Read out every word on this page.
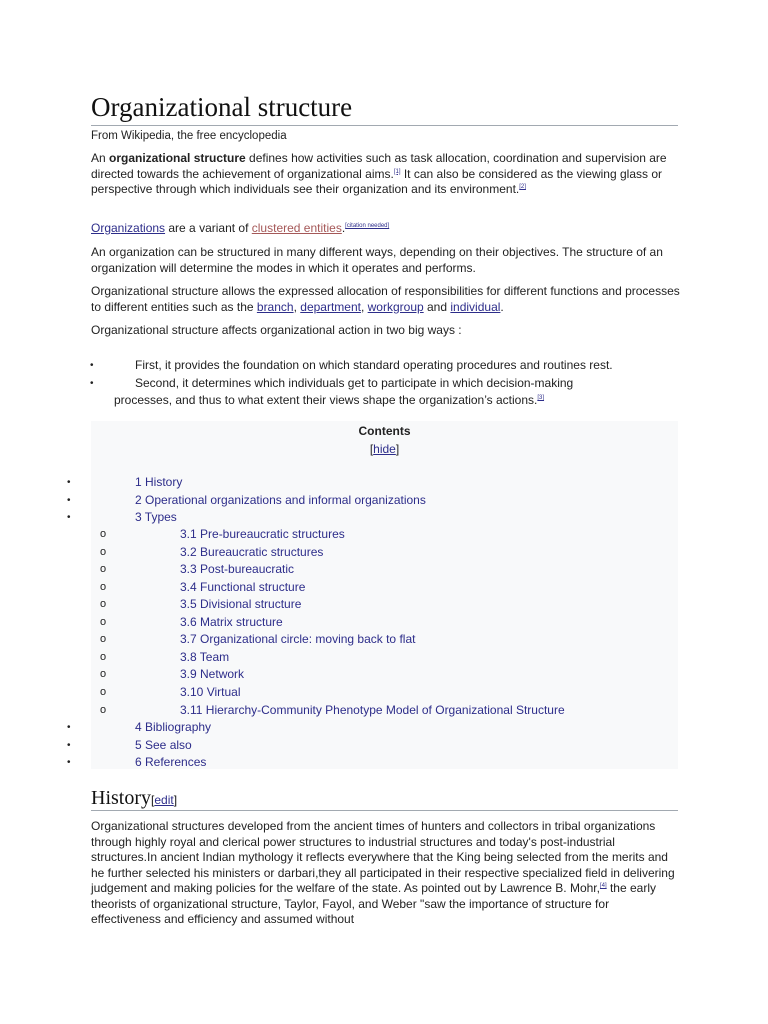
Organizational structure
From Wikipedia, the free encyclopedia

An organizational structure defines how activities such as task allocation, coordination and supervision are directed towards the achievement of organizational aims.[1] It can also be considered as the viewing glass or perspective through which individuals see their organization and its environment.[2]

Organizations are a variant of clustered entities.[citation needed]

An organization can be structured in many different ways, depending on their objectives. The structure of an organization will determine the modes in which it operates and performs.

Organizational structure allows the expressed allocation of responsibilities for different functions and processes to different entities such as the branch, department, workgroup and individual.

Organizational structure affects organizational action in two big ways :

•	First, it provides the foundation on which standard operating procedures and routines rest.
•	Second, it determines which individuals get to participate in which decision-making
processes, and thus to what extent their views shape the organization’s actions.[3]
Contents
[hide]
•	1 History
•	2 Operational organizations and informal organizations
•	3 Types
o	3.1 Pre-bureaucratic structures
o	3.2 Bureaucratic structures
o	3.3 Post-bureaucratic
o	3.4 Functional structure
o	3.5 Divisional structure
o	3.6 Matrix structure
o	3.7 Organizational circle: moving back to flat
o	3.8 Team
o	3.9 Network
o	3.10 Virtual
o	3.11 Hierarchy-Community Phenotype Model of Organizational Structure
•	4 Bibliography
•	5 See also
•	6 References
History[edit]

Organizational structures developed from the ancient times of hunters and collectors in tribal organizations through highly royal and clerical power structures to industrial structures and today's post-industrial structures.In ancient Indian mythology it reflects everywhere that the King being selected from the merits and he further selected his ministers or darbari,they all participated in their respective specialized field in delivering judgement and making policies for the welfare of the state. As pointed out by Lawrence B. Mohr,[4] the early theorists of organizational structure, Taylor, Fayol, and Weber "saw the importance of structure for effectiveness and efficiency and assumed without
